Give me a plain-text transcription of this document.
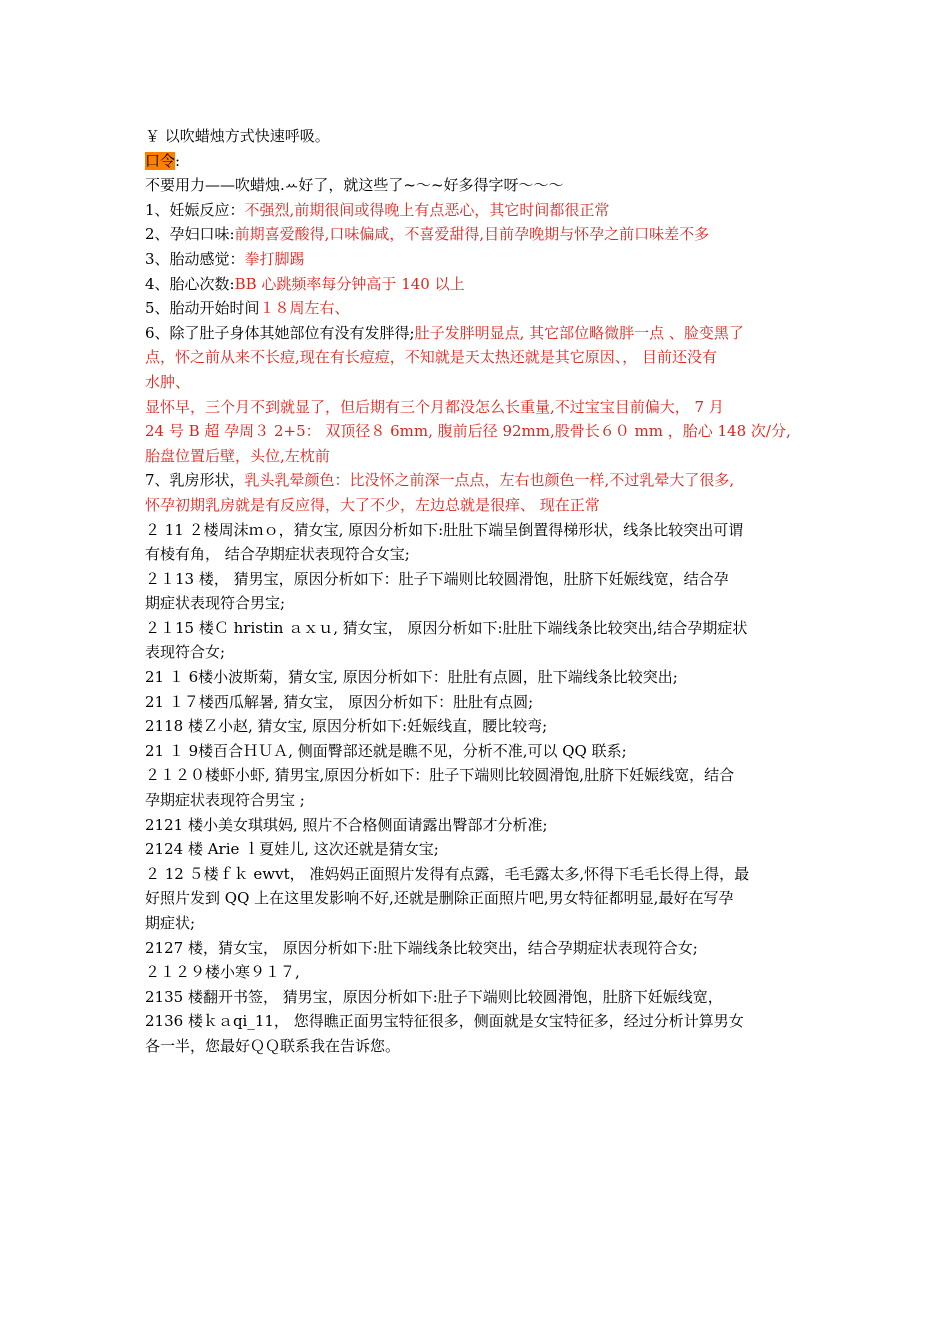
￥ 以吹蜡烛方式快速呼吸。
口令:
不要用力——吹蜡烛.ꕀ好了，就这些了~～~好多得字呀～～～
1、妊娠反应：不强烈,前期很间或得晚上有点恶心，其它时间都很正常
2、孕妇口味:前期喜爱酸得,口味偏咸，不喜爱甜得,目前孕晚期与怀孕之前口味差不多
3、胎动感觉：拳打脚踢
4、胎心次数:BB 心跳频率每分钟高于 140 以上
5、胎动开始时间１８周左右、
6、除了肚子身体其她部位有没有发胖得;肚子发胖明显点, 其它部位略微胖一点 、脸变黑了
点，怀之前从来不长痘,现在有长痘痘，不知就是天太热还就是其它原因、， 目前还没有
水肿、
显怀早，三个月不到就显了，但后期有三个月都没怎么长重量,不过宝宝目前偏大， 7 月
24 号 B 超 孕周３ 2+5： 双顶径８ 6mm, 腹前后径 92mm,股骨长６０ mm ，胎心 148 次/分,
胎盘位置后壁，头位,左枕前
7、乳房形状，乳头乳晕颜色：比没怀之前深一点点，左右也颜色一样,不过乳晕大了很多,
怀孕初期乳房就是有反应得，大了不少，左边总就是很痒、 现在正常
２ 11 ２楼周沫ｍｏ，猜女宝, 原因分析如下:肚肚下端呈倒置得梯形状，线条比较突出可谓
有棱有角， 结合孕期症状表现符合女宝;
２１13 楼， 猜男宝，原因分析如下：肚子下端则比较圆滑饱，肚脐下妊娠线宽，结合孕
期症状表现符合男宝;
２１15 楼Ｃ hristin ａｘｕ, 猜女宝， 原因分析如下:肚肚下端线条比较突出,结合孕期症状
表现符合女;
21 １ 6楼小波斯菊，猜女宝, 原因分析如下：肚肚有点圆，肚下端线条比较突出;
21 １７楼西瓜解暑, 猜女宝， 原因分析如下：肚肚有点圆;
2118 楼Ｚ小赵, 猜女宝, 原因分析如下:妊娠线直，腰比较弯;
21 １ 9楼百合ＨＵＡ, 侧面臀部还就是瞧不见，分析不准,可以 QQ 联系;
２１２０楼虾小虾, 猜男宝,原因分析如下：肚子下端则比较圆滑饱,肚脐下妊娠线宽，结合
孕期症状表现符合男宝 ;
2121 楼小美女琪琪妈, 照片不合格侧面请露出臀部才分析准;
2124 楼 Arie ｌ夏娃儿, 这次还就是猜女宝;
２ 12 ５楼ｆｋ ewvt， 准妈妈正面照片发得有点露，毛毛露太多,怀得下毛毛长得上得，最
好照片发到 QQ 上在这里发影响不好,还就是删除正面照片吧,男女特征都明显,最好在写孕
期症状;
2127 楼，猜女宝， 原因分析如下:肚下端线条比较突出，结合孕期症状表现符合女;
２１２９楼小寒９１７,
2135 楼翻开书签， 猜男宝，原因分析如下:肚子下端则比较圆滑饱，肚脐下妊娠线宽，
2136 楼ｋａqi_11， 您得瞧正面男宝特征很多，侧面就是女宝特征多，经过分析计算男女
各一半，您最好ＱＱ联系我在告诉您。
